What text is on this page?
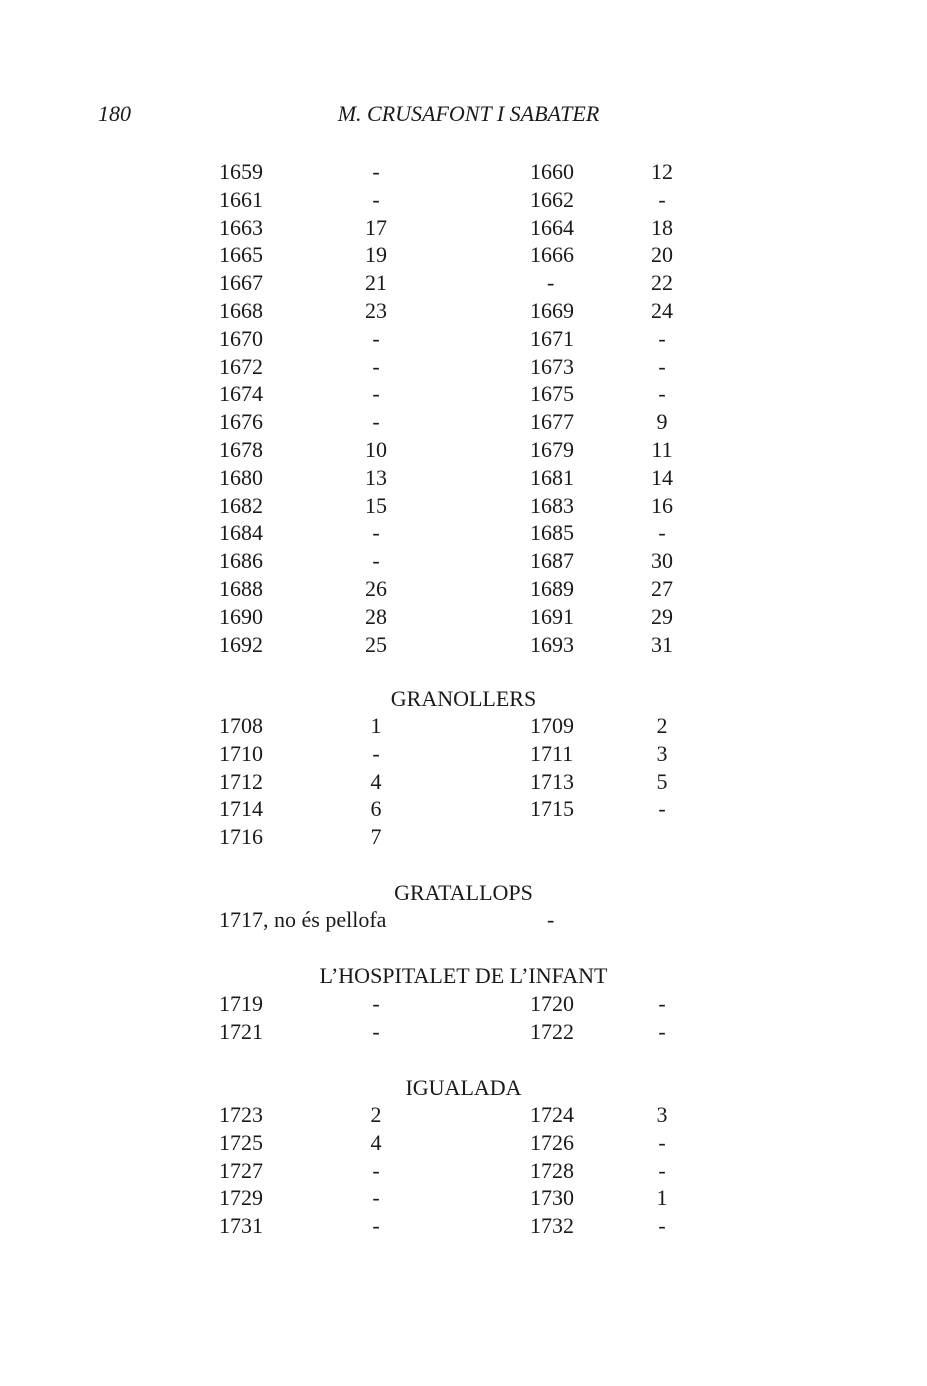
180	M. CRUSAFONT I SABATER
1659	-	1660	12
1661	-	1662	-
1663	17	1664	18
1665	19	1666	20
1667	21	-	22
1668	23	1669	24
1670	-	1671	-
1672	-	1673	-
1674	-	1675	-
1676	-	1677	9
1678	10	1679	11
1680	13	1681	14
1682	15	1683	16
1684	-	1685	-
1686	-	1687	30
1688	26	1689	27
1690	28	1691	29
1692	25	1693	31
GRANOLLERS
1708	1	1709	2
1710	-	1711	3
1712	4	1713	5
1714	6	1715	-
1716	7
GRATALLOPS
1717, no és pellofa	-
L’HOSPITALET DE L’INFANT
1719	-	1720	-
1721	-	1722	-
IGUALADA
1723	2	1724	3
1725	4	1726	-
1727	-	1728	-
1729	-	1730	1
1731	-	1732	-
